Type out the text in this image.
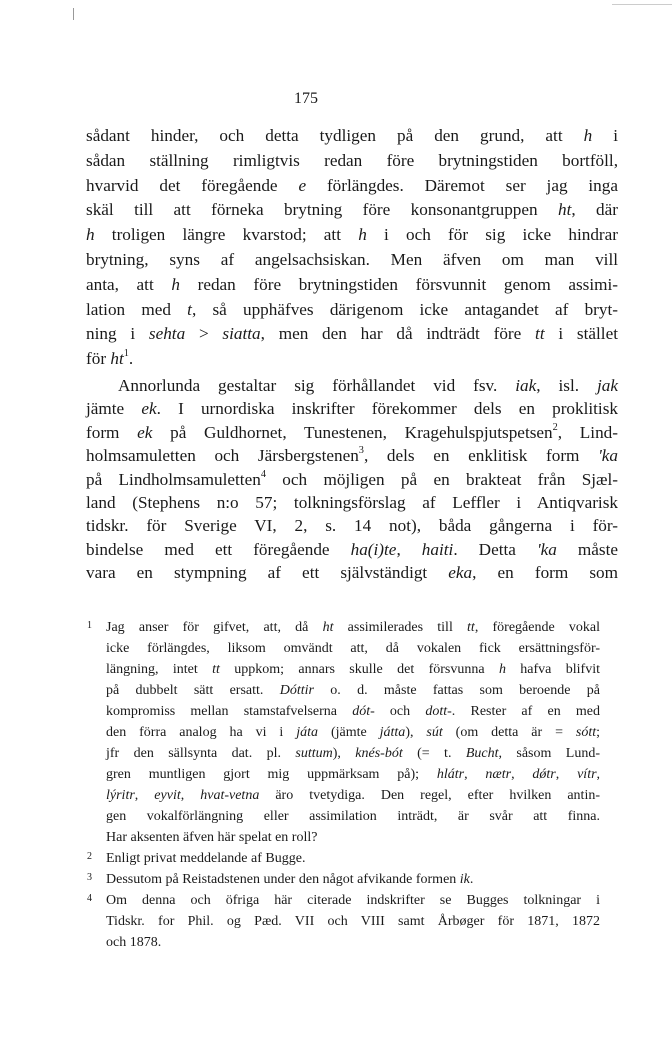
175
sådant hinder, och detta tydligen på den grund, att h i
sådan ställning rimligtvis redan före brytningstiden bortföll,
hvarvid det föregående e förlängdes. Däremot ser jag inga
skäl till att förneka brytning före konsonantgruppen ht, där
h troligen längre kvarstod; att h i och för sig icke hindrar
brytning, syns af angelsachsiskan. Men äfven om man vill
anta, att h redan före brytningstiden försvunnit genom assimi-
lation med t, så upphäfves därigenom icke antagandet af bryt-
ning i sehta > siatta, men den har då indträdt före tt i stället
för $ht^1$.
Annorlunda gestaltar sig förhållandet vid fsv. iak, isl. jak
jämte ek. I urnordiska inskrifter förekommer dels en proklitisk
form ek på Guldhornet, Tunestenen, Kragehulspjutspetsen$^2$, Lind-
holmsamuletten och Järsbergstenen$^3$, dels en enklitisk form 'ka
på Lindholmsamuletten$^4$ och möjligen på en brakteat från Sjæl-
land (Stephens n:o 57; tolkningsförslag af Leffler i Antiqvarisk
tidskr. för Sverige VI, 2, s. 14 not), båda gångerna i för-
bindelse med ett föregående ha(i)te, haiti. Detta 'ka måste
vara en stympning af ett självständigt eka, en form som
1 Jag anser för gifvet, att, då ht assimilerades till tt, föregående vokal
icke förlängdes, liksom omvändt att, då vokalen fick ersättningsför-
längning, intet tt uppkom; annars skulle det försvunna h hafva blifvit
på dubbelt sätt ersatt. Dóttir o. d. måste fattas som beroende på
kompromiss mellan stamstafvelserna dót- och dott-. Rester af en med
den förra analog ha vi i játa (jämte játta), sút (om detta är = sótt;
jfr den sällsynta dat. pl. suttum), knés-bót (= t. Bucht, såsom Lund-
gren muntligen gjort mig uppmärksam på); hlátr, nætr, dǿtr, vítr,
lýritr, eyvit, hvat-vetna äro tvetydiga. Den regel, efter hvilken antin-
gen vokalförlängning eller assimilation inträdt, är svår att finna.
Har aksenten äfven här spelat en roll?
2 Enligt privat meddelande af Bugge.
3 Dessutom på Reistadstenen under den något afvikande formen ik.
4 Om denna och öfriga här citerade indskrifter se Bugges tolkningar i
Tidskr. for Phil. og Pæd. VII och VIII samt Årbøger för 1871, 1872
och 1878.
